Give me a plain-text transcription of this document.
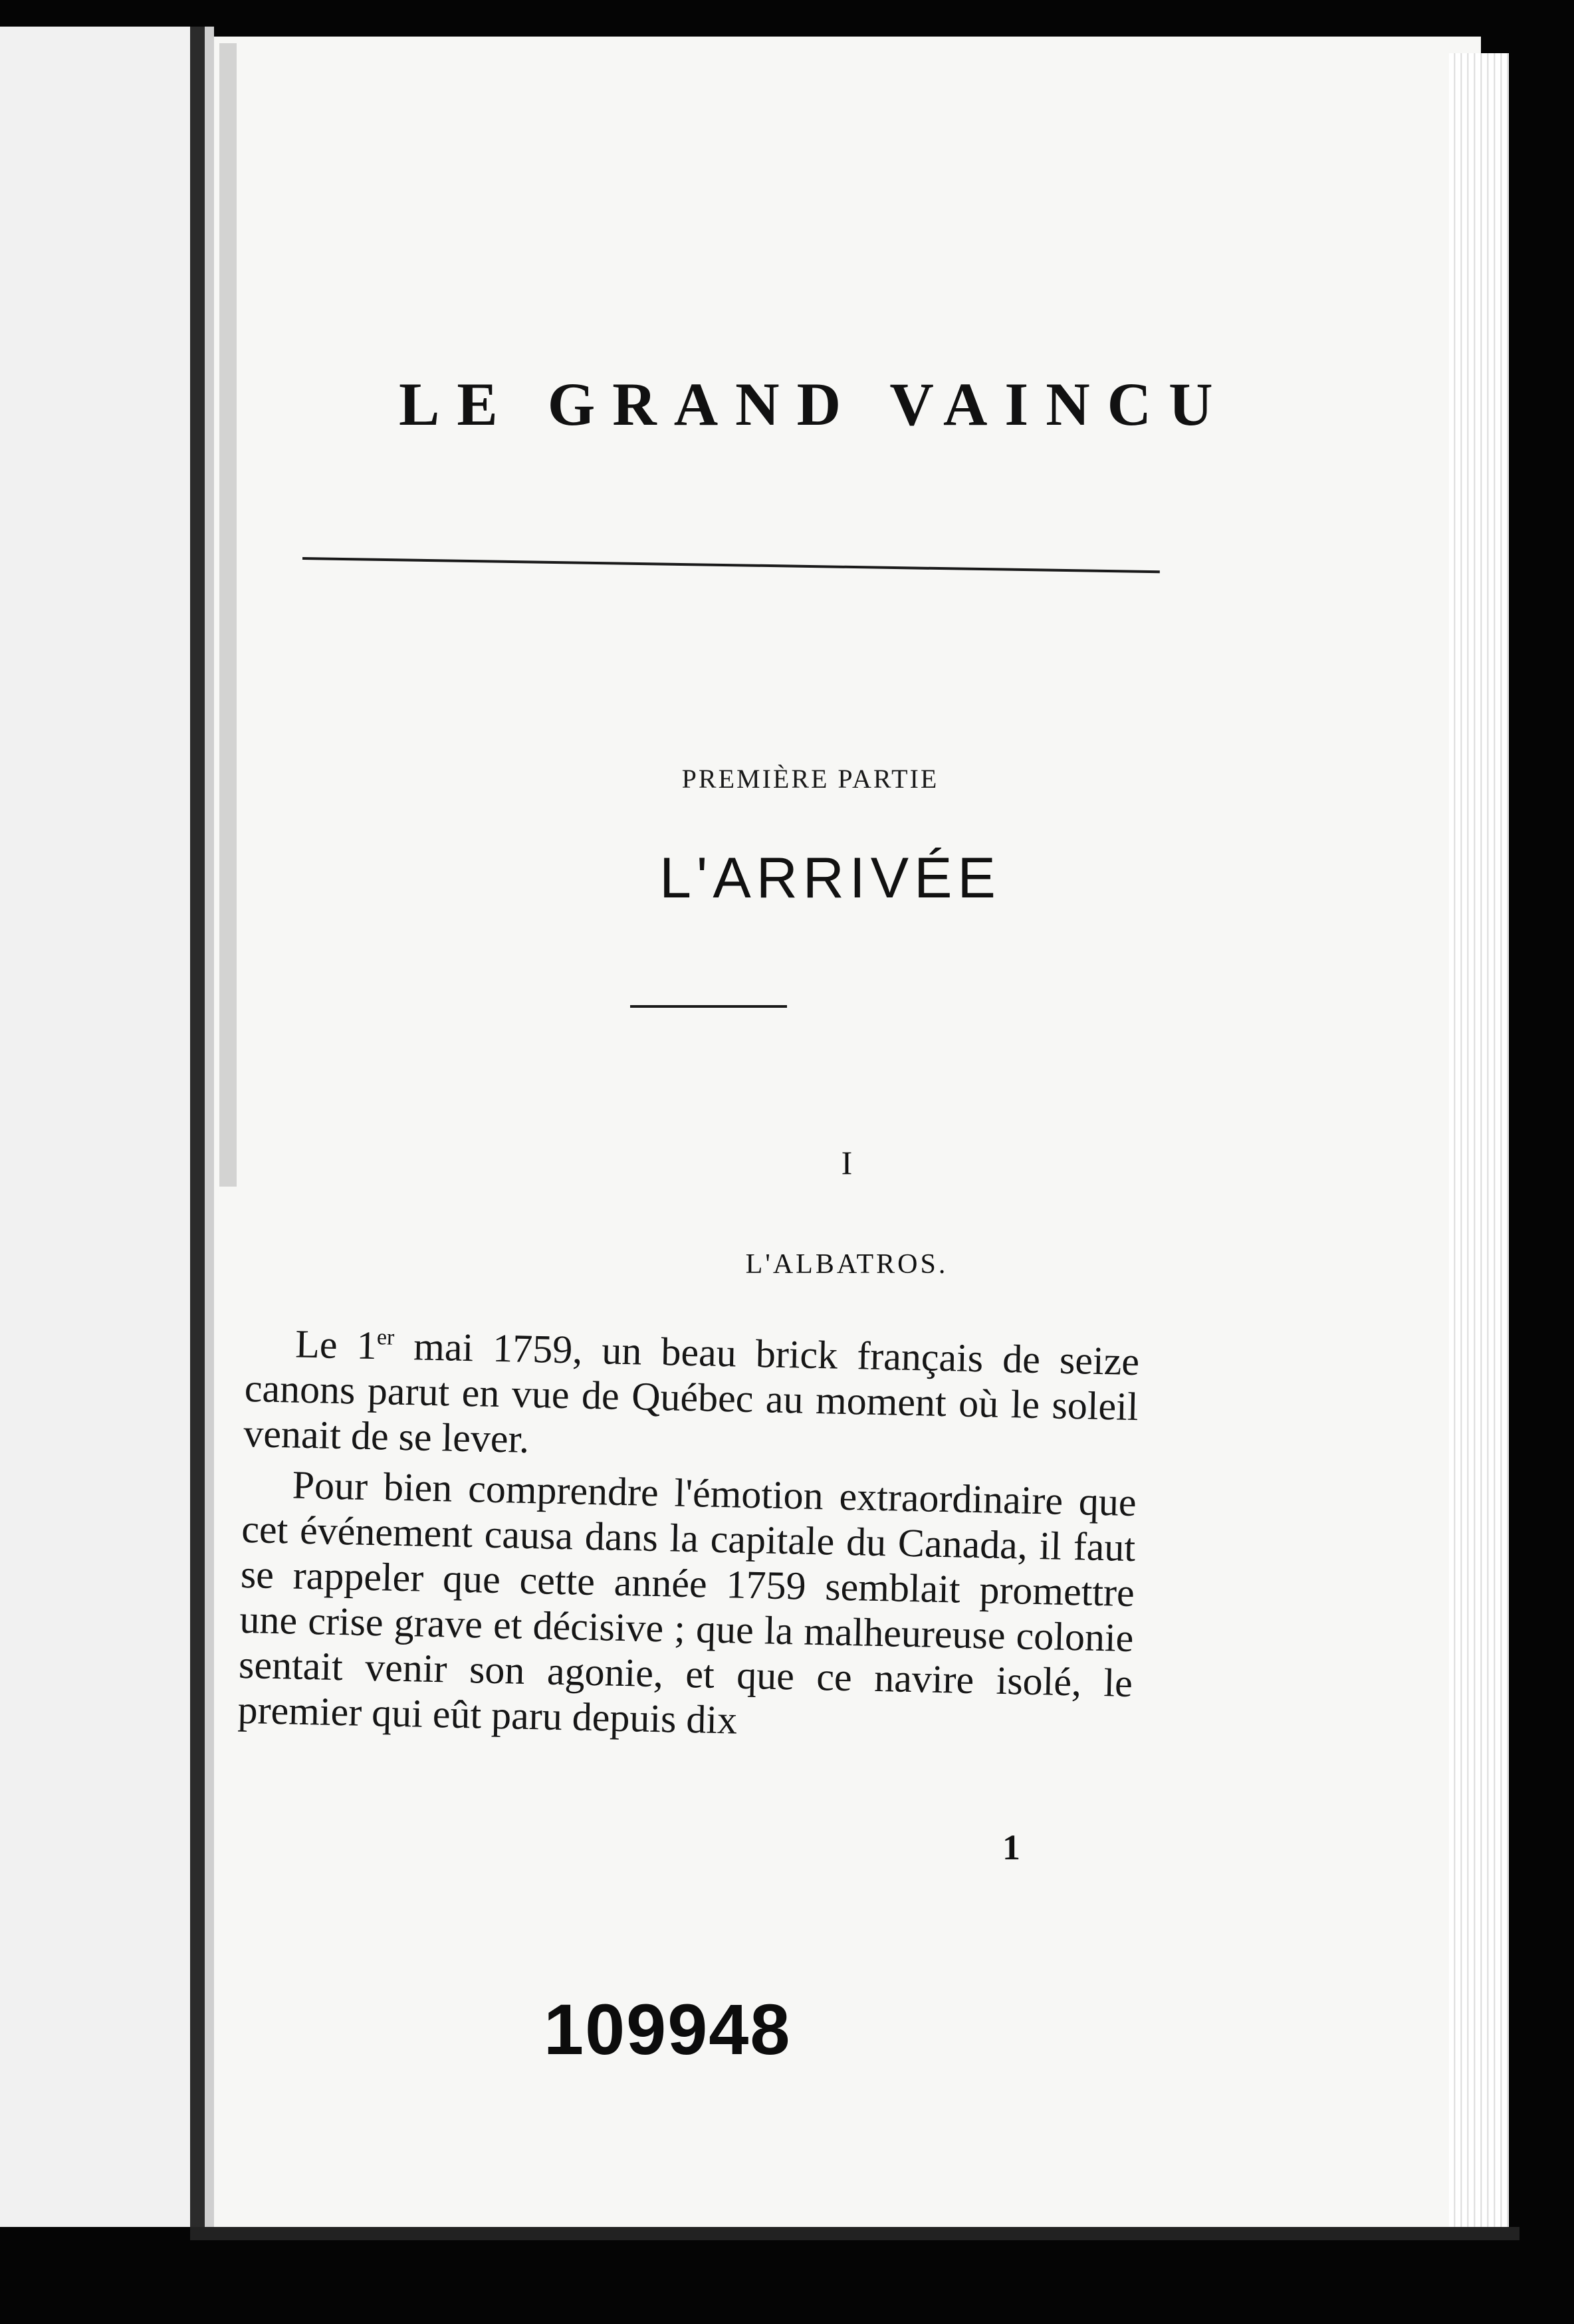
LE GRAND VAINCU
PREMIÈRE PARTIE
L'ARRIVÉE
I
L'ALBATROS.

Le 1er mai 1759, un beau brick français de seize canons parut en vue de Québec au moment où le soleil venait de se lever.

Pour bien comprendre l'émotion extraordinaire que cet événement causa dans la capitale du Canada, il faut se rappeler que cette année 1759 semblait promettre une crise grave et décisive ; que la malheureuse colonie sentait venir son agonie, et que ce navire isolé, le premier qui eût paru depuis dix

1
109948
